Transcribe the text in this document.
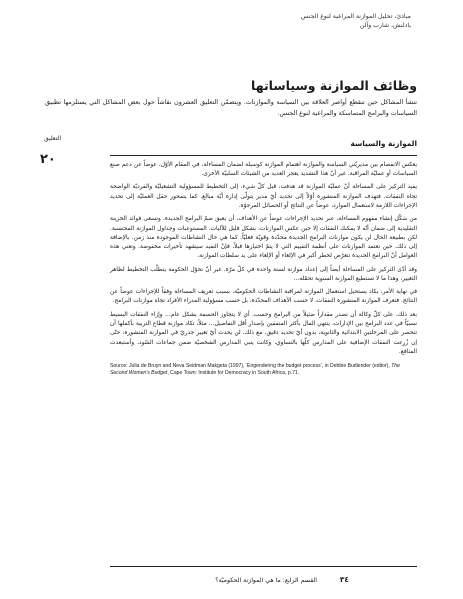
مبادئ، تحليل الموازنة المراعية لنوع الجنس
بادلنش، شارب وآلن
وظائف الموازنة وسياساتها
تنشأ المشاكل حين تنقطع أواصر العلاقة بين السياسة والموازنات. ويتضمّن التعليق العشرون نقاشاً حول بعض المشاكل التي يستلزمها تطبيق السياسات والبرامج المتماسكة والمراعية لنوع الجنس.
التعليق
٢٠
الموازنة والسياسة

يعكس الانفصام بين مديريّتي السياسة والموازنة اهتمام الموازنة كوسيلة لضمان المساءلة، في المقام الأوّل، عوضاً عن دعم صنع السياسات أو عمليّة المراقبة. غير أنّ هذا التشديد يعجز العديد من الشيئات السلبيّة الأخرى.

يفيد التركيز على المساءلة أنّ عمليّة الموازنة قد هدفت، قبل كلّ شيء، إلى التخطيط للمسؤولية التشغيليّة والفرديّة الواضحة تجاه النفقات. فتهدف الموازنة المنشورة أوّلاً إلى تحديد أيّ مدير يتولّى إدارة أيّة مبالغ. كما يتمحور حقل العمليّة إلى تحديد الإجراءات اللازمة لاستعمال الموارد، عوضاً عن النتائج أو الحصائل المرجوّة.

من شكّل إنشاء مفهوم المساءلة، عبر تحديد الإجراءات عوضاً عن الأهداف، أن يعيق ضمّ البرامج الجديدة. وتسعى فوائد الخزينة التقليدية إلى ضمان أنّه لا يمكنك النفقات إلا حين عكس الموازنات، بشكل قليل للآليات. المستوعبات وجداول الموازنة المحتسبة. لكن بطبيعة الحال لن يكون موازنات البرامج الجديدة محدّدة وقويّة فعليّاً. كما هي حال النشاطات الموجودة منذ زمن. بالإضافة إلى ذلك، حين تعتمد الموازنات على أنظمة التقييم التي لا يتمّ اختيارها قبلاً، فإنّ التفيد سيشهد تأخيرات مخفوضة. وتعني هذه العوامل أنّ البرامج الجديدة تتعرّض لخطر أكبر في الإلغاء أو الإلغاء على يد سلطات الموازنة.

وقد أدّى التركيز على المساءلة أيضاً إلى إعداد موازنة لسنة واحدة في كلّ مرّة. غير أنّ تحوّل الحكومة يتطلّب التخطيط لظاهر التغيير، وهذا ما لا تستطيع الموازنة السنوية تحمّله…

في نهاية الأمر، يكاد يستحيل استعمال الموازنة لمراقبة النشاطات الحكوميّة، بسبب تعريف المساءلة وفقاً للإجراءات عوضاً عن النتائج. فتعرف الموازنة المنشورة النفقات، لا حسب الأهداف المحدّدة، بل حسب مسؤولية المدراء الأفراد تجاه موازنات البرامج.

بعد ذلك، على كلّ وكالة أن تصدر مقداراً ضئيلاً من البرامج وحسب. أي لا يتجاوز الحسمة بشكل عام… وإزاء النفقات البسيط نسبيّاً في عدد البرامج بين الإدارات، ينتهي المال بأكثر المنفقين بإصدار أقل التفاصيل… مثلاً، تكاد موازنة قطاع التربية بأكملها أن تنحصر على المرحلتين الابتدائية والثانوية، بدون أيّ تحديد دقيق. مع ذلك، لن يحدث أيّ تغيير جذريّ في الموازنة المنشورة، حتّى إن زُرِعت النفقات الإضافية على المدارس كلّها بالتساوي، وكانت ينبي المدارس الشخصيّة ضمن جماعات السّود، وأستبعدت المنافع.

Source: Julia de Bruyn and Neva Seidman Makgeta (1997), ‘Engendering the budget process’, in Debbie Budlender (editor), The Second Women's Budget, Cape Town: Institute for Democracy in South Africa, p.71.

القسم الرابع: ما هي الموازنة الحكوميّة؟	٣٤
